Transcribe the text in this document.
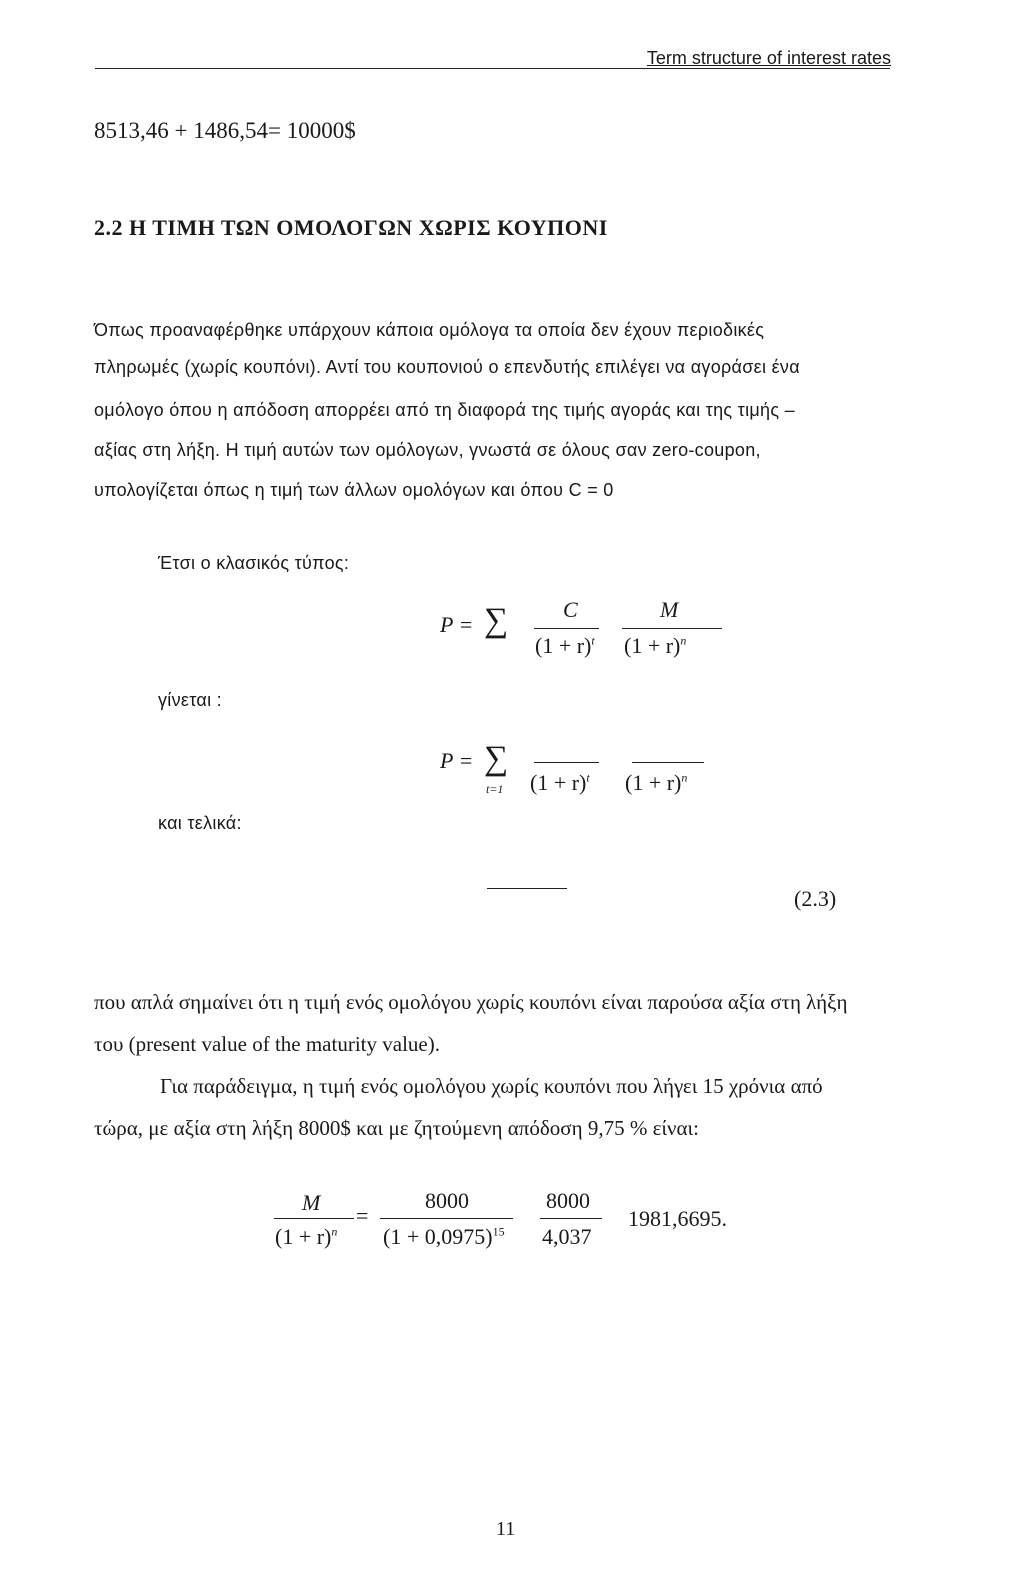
Term structure of interest rates
8513,46 + 1486,54= 10000$
2.2 Η ΤΙΜΗ ΤΩΝ ΟΜΟΛΟΓΩΝ ΧΩΡΙΣ ΚΟΥΠΟΝΙ
Όπως προαναφέρθηκε υπάρχουν κάποια ομόλογα τα οποία δεν έχουν περιοδικές
πληρωμές (χωρίς κουπόνι). Αντί του κουπονιού ο επενδυτής επιλέγει να αγοράσει ένα
ομόλογο όπου η απόδοση απορρέει από τη διαφορά της τιμής αγοράς και της τιμής –
αξίας στη λήξη. Η τιμή αυτών των ομόλογων, γνωστά σε όλους σαν zero-coupon,
υπολογίζεται όπως η τιμή των άλλων ομολόγων και όπου C = 0
Έτσι ο κλασικός τύπος:
γίνεται :
και τελικά:
P = ∑ C
$(1 + r)^t$
M
$(1 + r)^n$
P = ∑
t=1 $(1 + r)^t$ $(1 + r)^n$
(2.3)
που απλά σημαίνει ότι η τιμή ενός ομολόγου χωρίς κουπόνι είναι παρούσα αξία στη λήξη
του (present value of the maturity value).
Για παράδειγμα, η τιμή ενός ομολόγου χωρίς κουπόνι που λήγει 15 χρόνια από
τώρα, με αξία στη λήξη 8000$ και με ζητούμενη απόδοση 9,75 % είναι:
M
$(1 + r)^n$
=
8000
$(1 + 0,0975)^{15}$
8000
4,037
1981,6695.
11
